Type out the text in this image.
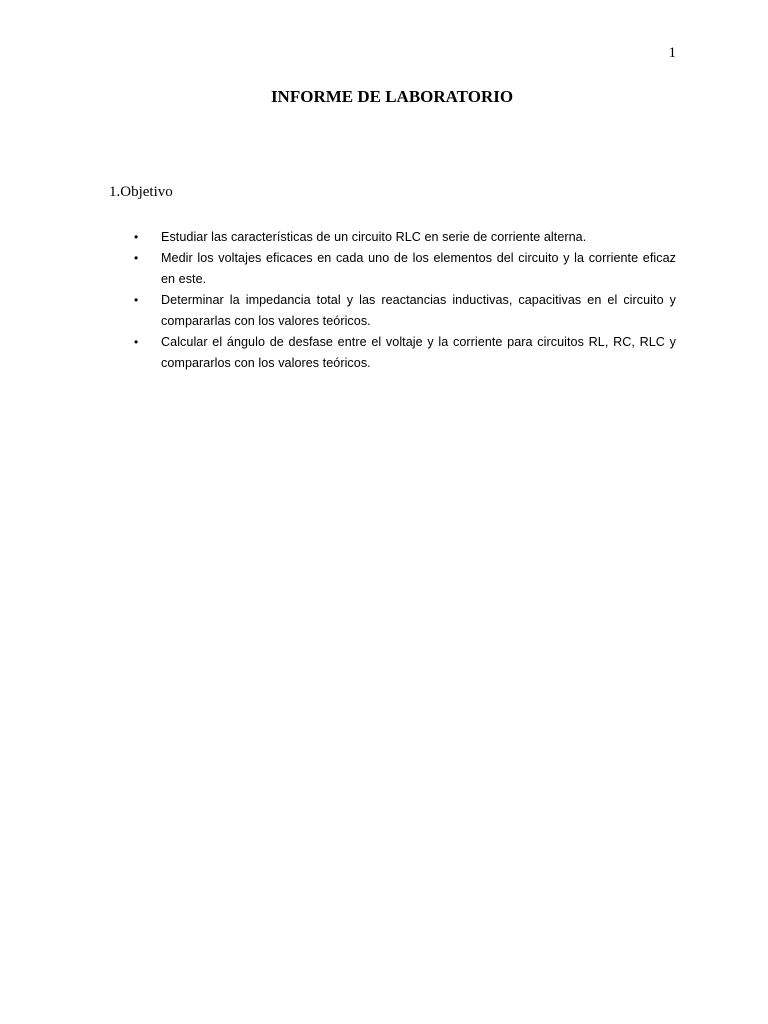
1
INFORME DE LABORATORIO
1.Objetivo
• Estudiar las características de un circuito RLC en serie de corriente alterna.
• Medir los voltajes eficaces en cada uno de los elementos del circuito y la corriente eficaz en este.
• Determinar la impedancia total y las reactancias inductivas, capacitivas en el circuito y compararlas con los valores teóricos.
• Calcular el ángulo de desfase entre el voltaje y la corriente para circuitos RL, RC, RLC y compararlos con los valores teóricos.
